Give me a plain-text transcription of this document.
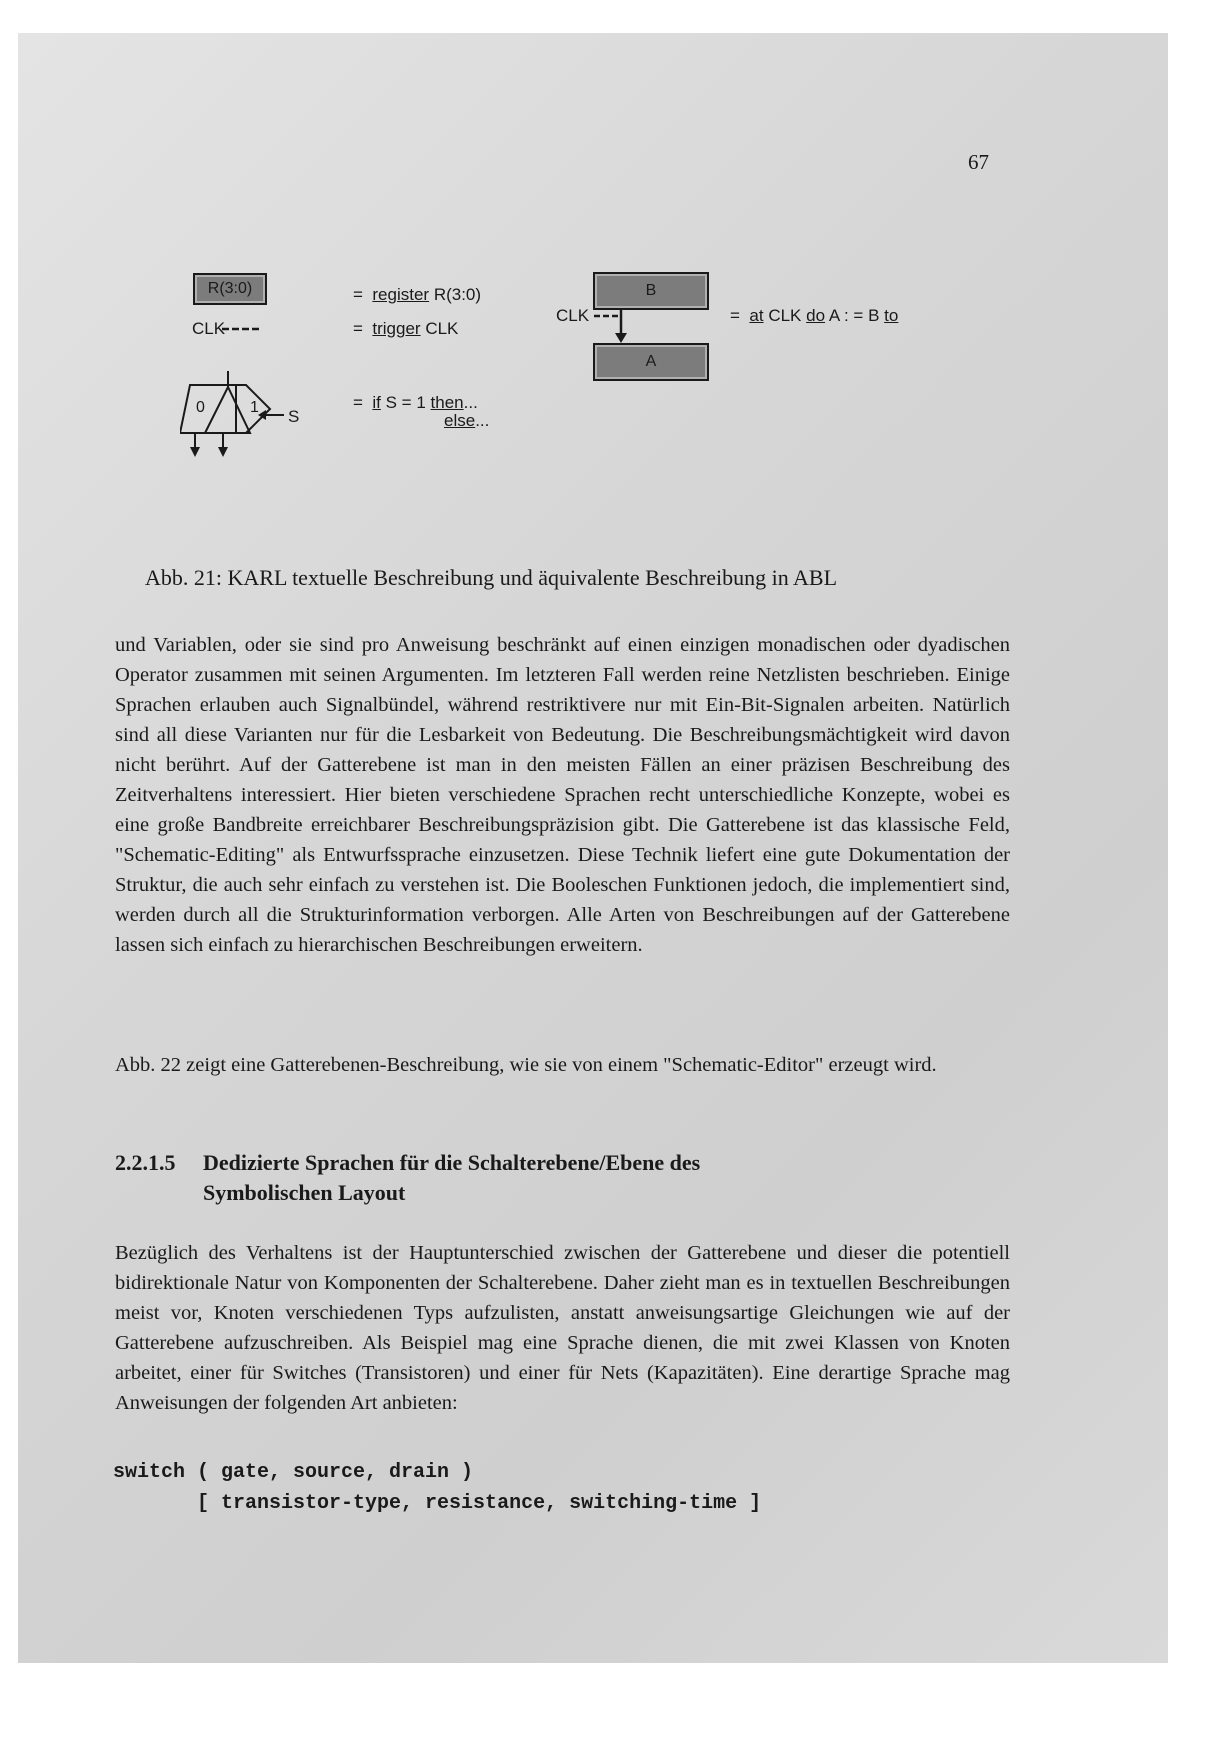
67
R(3:0)	= register R(3:0)
CLK	= trigger CLK
0	1 S
= if S = 1 then...
else...
B
CLK
A
= at CLK do A : = B to
Abb. 21: KARL textuelle Beschreibung und äquivalente Beschreibung in ABL

und Variablen, oder sie sind pro Anweisung beschränkt auf einen einzigen monadischen oder dyadischen Operator zusammen mit seinen Argumenten. Im letzteren Fall werden reine Netzlisten beschrieben. Einige Sprachen erlauben auch Signalbündel, während restriktivere nur mit Ein-Bit-Signalen arbeiten. Natürlich sind all diese Varianten nur für die Lesbarkeit von Bedeutung. Die Beschreibungsmächtigkeit wird davon nicht berührt. Auf der Gatterebene ist man in den meisten Fällen an einer präzisen Beschreibung des Zeitverhaltens interessiert. Hier bieten verschiedene Sprachen recht unterschiedliche Konzepte, wobei es eine große Bandbreite erreichbarer Beschreibungspräzision gibt. Die Gatterebene ist das klassische Feld, "Schematic-Editing" als Entwurfssprache einzusetzen. Diese Technik liefert eine gute Dokumentation der Struktur, die auch sehr einfach zu verstehen ist. Die Booleschen Funktionen jedoch, die implementiert sind, werden durch all die Strukturinformation verborgen. Alle Arten von Beschreibungen auf der Gatterebene lassen sich einfach zu hierarchischen Beschreibungen erweitern.

Abb. 22 zeigt eine Gatterebenen-Beschreibung, wie sie von einem "Schematic-Editor" erzeugt wird.

2.2.1.5 Dedizierte Sprachen für die Schalterebene/Ebene des
Symbolischen Layout

Bezüglich des Verhaltens ist der Hauptunterschied zwischen der Gatterebene und dieser die potentiell bidirektionale Natur von Komponenten der Schalterebene. Daher zieht man es in textuellen Beschreibungen meist vor, Knoten verschiedenen Typs aufzulisten, anstatt anweisungsartige Gleichungen wie auf der Gatterebene aufzuschreiben. Als Beispiel mag eine Sprache dienen, die mit zwei Klassen von Knoten arbeitet, einer für Switches (Transistoren) und einer für Nets (Kapazitäten). Eine derartige Sprache mag Anweisungen der folgenden Art anbieten:

switch ( gate, source, drain )
[ transistor-type, resistance, switching-time ]
